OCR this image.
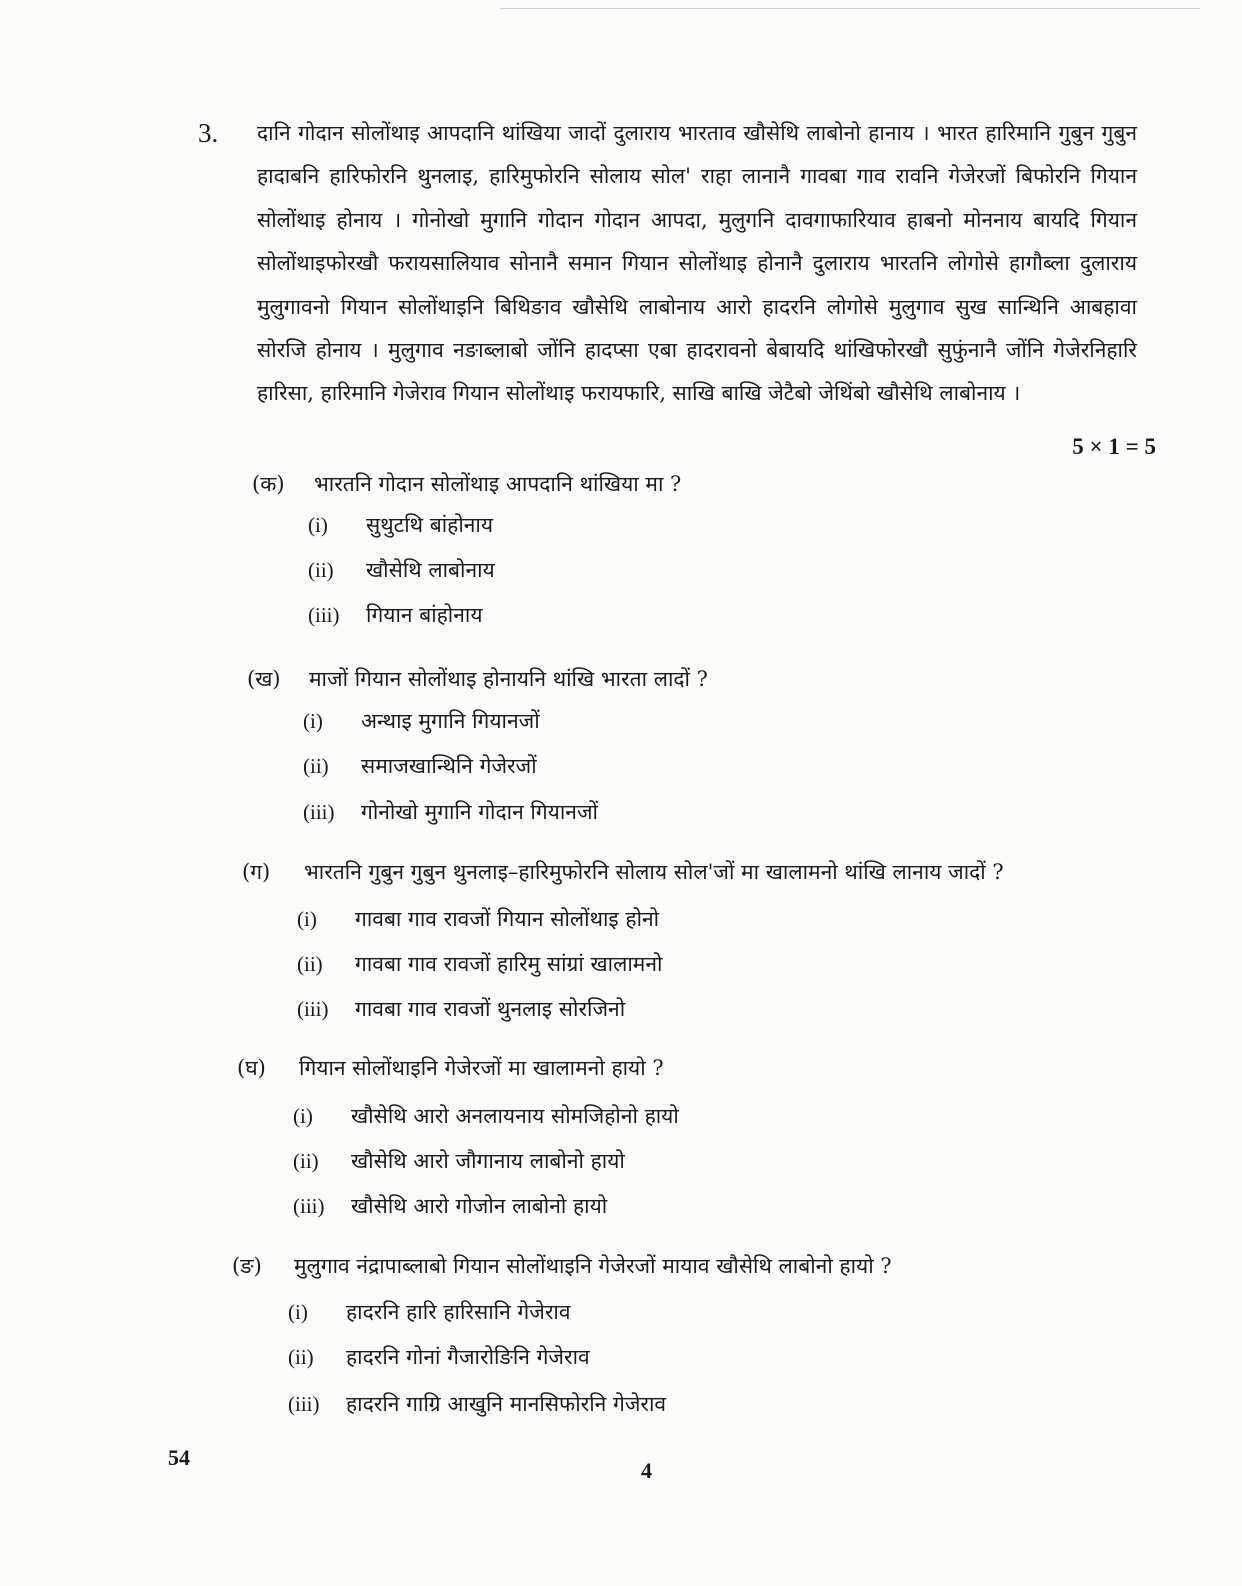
3. दानि गोदान सोलोंथाइ आपदानि थांखिया जादों दुलाराय भारताव खौसेथि लाबोनो हानाय । भारत हारिमानि गुबुन गुबुन हादाबनि हारिफोरनि थुनलाइ, हारिमुफोरनि सोलाय सोल' राहा लानानै गावबा गाव रावनि गेजेरजों बिफोरनि गियान सोलोंथाइ होनाय । गोनोखो मुगानि गोदान गोदान आपदा, मुलुगनि दावगाफारियाव हाबनो मोननाय बायदि गियान सोलोंथाइफोरखौ फरायसालियाव सोनानै समान गियान सोलोंथाइ होनानै दुलाराय भारतनि लोगोसे हागौब्ला दुलाराय मुलुगावनो गियान सोलोंथाइनि बिथिङाव खौसेथि लाबोनाय आरो हादरनि लोगोसे मुलुगाव सुख सान्थिनि आबहावा सोरजि होनाय । मुलुगाव नङाब्लाबो जोंनि हादप्सा एबा हादरावनो बेबायदि थांखिफोरखौ सुफुंनानै जोंनि गेजेरनिहारि हारिसा, हारिमानि गेजेराव गियान सोलोंथाइ फरायफारि, साखि बाखि जेटैबो जेथिंबो खौसेथि लाबोनाय ।
5 × 1 = 5
(क)	भारतनि गोदान सोलोंथाइ आपदानि थांखिया मा ?
(i)	सुथुटथि बांहोनाय
(ii)	खौसेथि लाबोनाय
(iii)	गियान बांहोनाय
(ख)	माजों गियान सोलोंथाइ होनायनि थांखि भारता लादों ?
(i)	अन्थाइ मुगानि गियानजों
(ii)	समाजखान्थिनि गेजेरजों
(iii)	गोनोखो मुगानि गोदान गियानजों
(ग)	भारतनि गुबुन गुबुन थुनलाइ–हारिमुफोरनि सोलाय सोल'जों मा खालामनो थांखि लानाय जादों ?
(i)	गावबा गाव रावजों गियान सोलोंथाइ होनो
(ii)	गावबा गाव रावजों हारिमु सांग्रां खालामनो
(iii)	गावबा गाव रावजों थुनलाइ सोरजिनो
(घ)	गियान सोलोंथाइनि गेजेरजों मा खालामनो हायो ?
(i)	खौसेथि आरो अनलायनाय सोमजिहोनो हायो
(ii)	खौसेथि आरो जौगानाय लाबोनो हायो
(iii)	खौसेथि आरो गोजोन लाबोनो हायो
(ङ)	मुलुगाव नंद्रापाब्लाबो गियान सोलोंथाइनि गेजेरजों मायाव खौसेथि लाबोनो हायो ?
(i)	हादरनि हारि हारिसानि गेजेराव
(ii)	हादरनि गोनां गैजारोङिनि गेजेराव
(iii)	हादरनि गाग्रि आखुनि मानसिफोरनि गेजेराव
54
4
